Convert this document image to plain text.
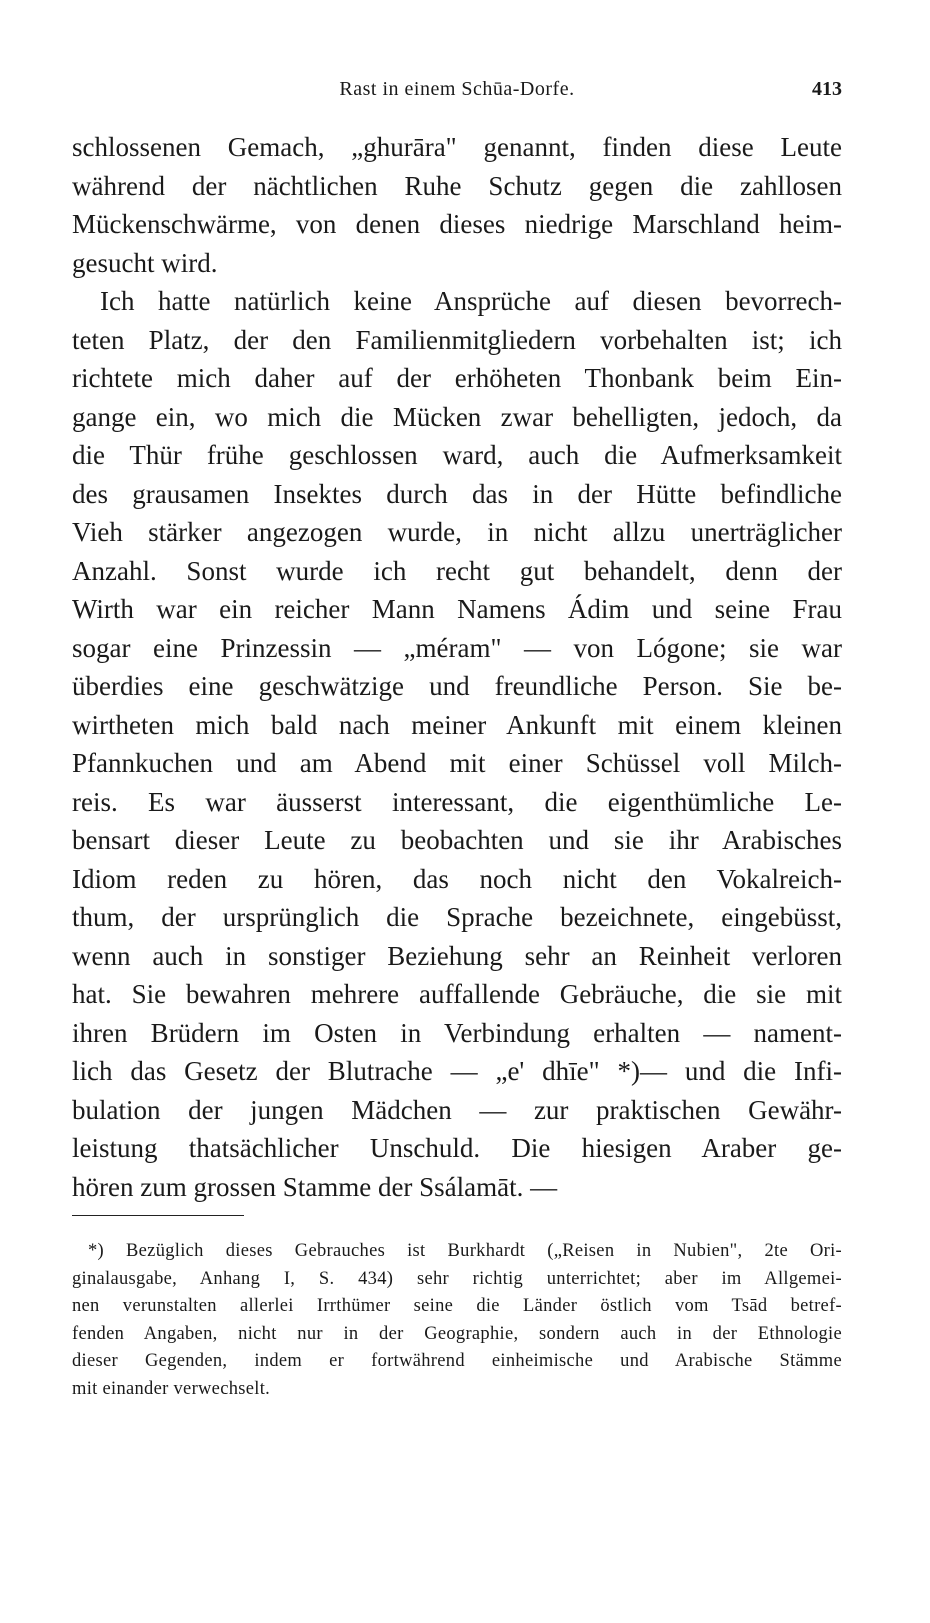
Rast in einem Schūa-Dorfe.	413
schlossenen Gemach, „ghurāra" genannt, finden diese Leute
während der nächtlichen Ruhe Schutz gegen die zahllosen
Mückenschwärme, von denen dieses niedrige Marschland heim-
gesucht wird.
Ich hatte natürlich keine Ansprüche auf diesen bevorrech-
teten Platz, der den Familienmitgliedern vorbehalten ist; ich
richtete mich daher auf der erhöheten Thonbank beim Ein-
gange ein, wo mich die Mücken zwar behelligten, jedoch, da
die Thür frühe geschlossen ward, auch die Aufmerksamkeit
des grausamen Insektes durch das in der Hütte befindliche
Vieh stärker angezogen wurde, in nicht allzu unerträglicher
Anzahl. Sonst wurde ich recht gut behandelt, denn der
Wirth war ein reicher Mann Namens Ádim und seine Frau
sogar eine Prinzessin — „méram" — von Lógone; sie war
überdies eine geschwätzige und freundliche Person. Sie be-
wirtheten mich bald nach meiner Ankunft mit einem kleinen
Pfannkuchen und am Abend mit einer Schüssel voll Milch-
reis. Es war äusserst interessant, die eigenthümliche Le-
bensart dieser Leute zu beobachten und sie ihr Arabisches
Idiom reden zu hören, das noch nicht den Vokalreich-
thum, der ursprünglich die Sprache bezeichnete, eingebüsst,
wenn auch in sonstiger Beziehung sehr an Reinheit verloren
hat. Sie bewahren mehrere auffallende Gebräuche, die sie mit
ihren Brüdern im Osten in Verbindung erhalten — nament-
lich das Gesetz der Blutrache — „e' dhīe" *)— und die Infi-
bulation der jungen Mädchen — zur praktischen Gewähr-
leistung thatsächlicher Unschuld. Die hiesigen Araber ge-
hören zum grossen Stamme der Ssálamāt. —
*) Bezüglich dieses Gebrauches ist Burkhardt („Reisen in Nubien", 2te Ori-
ginalausgabe, Anhang I, S. 434) sehr richtig unterrichtet; aber im Allgemei-
nen verunstalten allerlei Irrthümer seine die Länder östlich vom Tsād betref-
fenden Angaben, nicht nur in der Geographie, sondern auch in der Ethnologie
dieser Gegenden, indem er fortwährend einheimische und Arabische Stämme
mit einander verwechselt.
